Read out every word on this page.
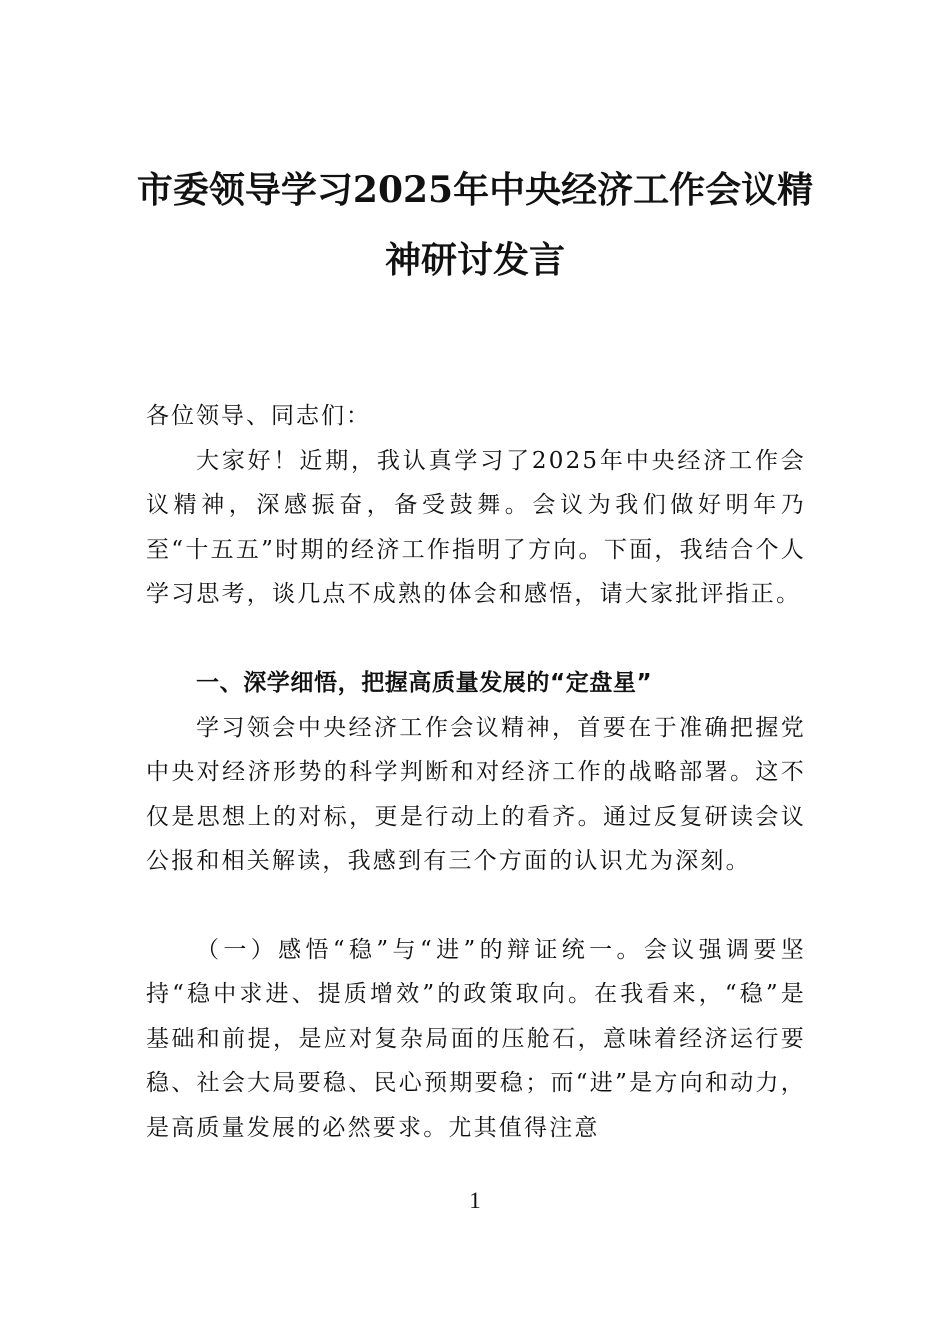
市委领导学习2025年中央经济工作会议精
神研讨发言
各位领导、同志们：
大家好！近期，我认真学习了2025年中央经济工作会议精神，深感振奋，备受鼓舞。会议为我们做好明年乃至“十五五”时期的经济工作指明了方向。下面，我结合个人学习思考，谈几点不成熟的体会和感悟，请大家批评指正。
一、深学细悟，把握高质量发展的“定盘星”
学习领会中央经济工作会议精神，首要在于准确把握党中央对经济形势的科学判断和对经济工作的战略部署。这不仅是思想上的对标，更是行动上的看齐。通过反复研读会议公报和相关解读，我感到有三个方面的认识尤为深刻。
（一）感悟“稳”与“进”的辩证统一。会议强调要坚持“稳中求进、提质增效”的政策取向。在我看来，“稳”是基础和前提，是应对复杂局面的压舱石，意味着经济运行要稳、社会大局要稳、民心预期要稳；而“进”是方向和动力，是高质量发展的必然要求。尤其值得注意
1
